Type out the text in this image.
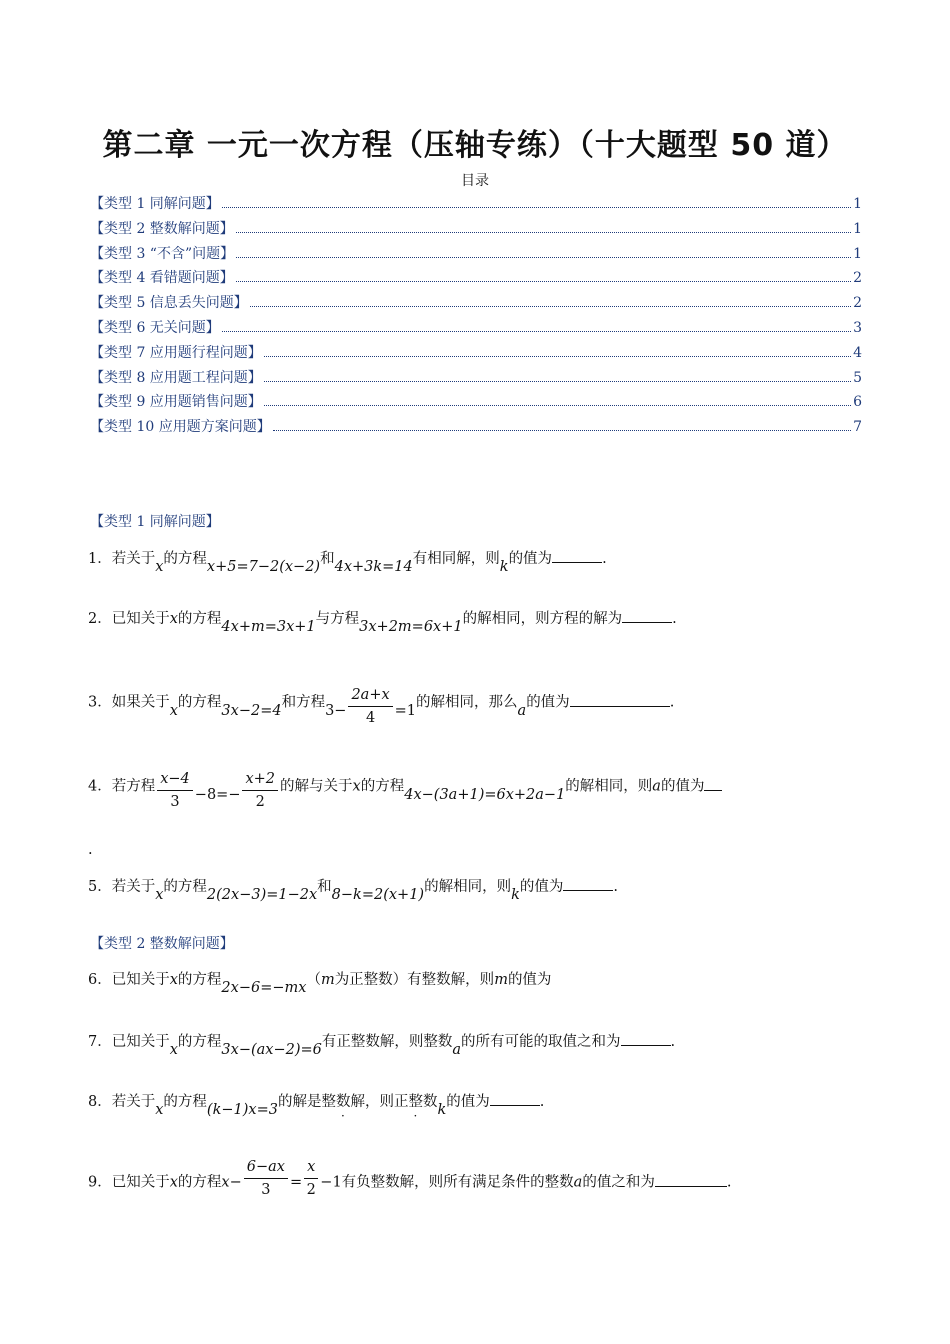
第二章 一元一次方程（压轴专练）（十大题型 50 道）
目录
【类型 1 同解问题】	1
【类型 2 整数解问题】	1
【类型 3 “不含”问题】	1
【类型 4 看错题问题】	2
【类型 5 信息丢失问题】	2
【类型 6 无关问题】	3
【类型 7 应用题行程问题】	4
【类型 8 应用题工程问题】	5
【类型 9 应用题销售问题】	6
【类型 10 应用题方案问题】	7
【类型 1 同解问题】
1．若关于x的方程x+5=7−2(x−2)和4x+3k=14有相同解，则k的值为	.
2．已知关于x的方程4x+m=3x+1与方程3x+2m=6x+1的解相同，则方程的解为	.
3．如果关于x的方程3x−2=4和方程$3- \frac{2a+x}{4} =1$的解相同，那么a的值为	.
4．若方程 $\frac{x-4}{3} -8=- \frac{x+2}{2}$ 的解与关于x的方程4x−(3a+1)=6x+2a−1的解相同，则a的值为
.
5．若关于x的方程2(2x−3)=1−2x和8−k=2(x+1)的解相同，则k的值为	.
【类型 2 整数解问题】
6．已知关于x的方程2x−6=−mx（m为正整数）有整数解，则m的值为
7．已知关于x的方程3x−(ax−2)=6有正整数解，则整数a的所有可能的取值之和为	.
8．若关于x的方程(k−1)x=3的解是整数解，则正整数k的值为	.
9．已知关于x的方程$x- \frac{6-ax}{3} = \frac{x}{2} -1$有负整数解，则所有满足条件的整数a的值之和为	.
